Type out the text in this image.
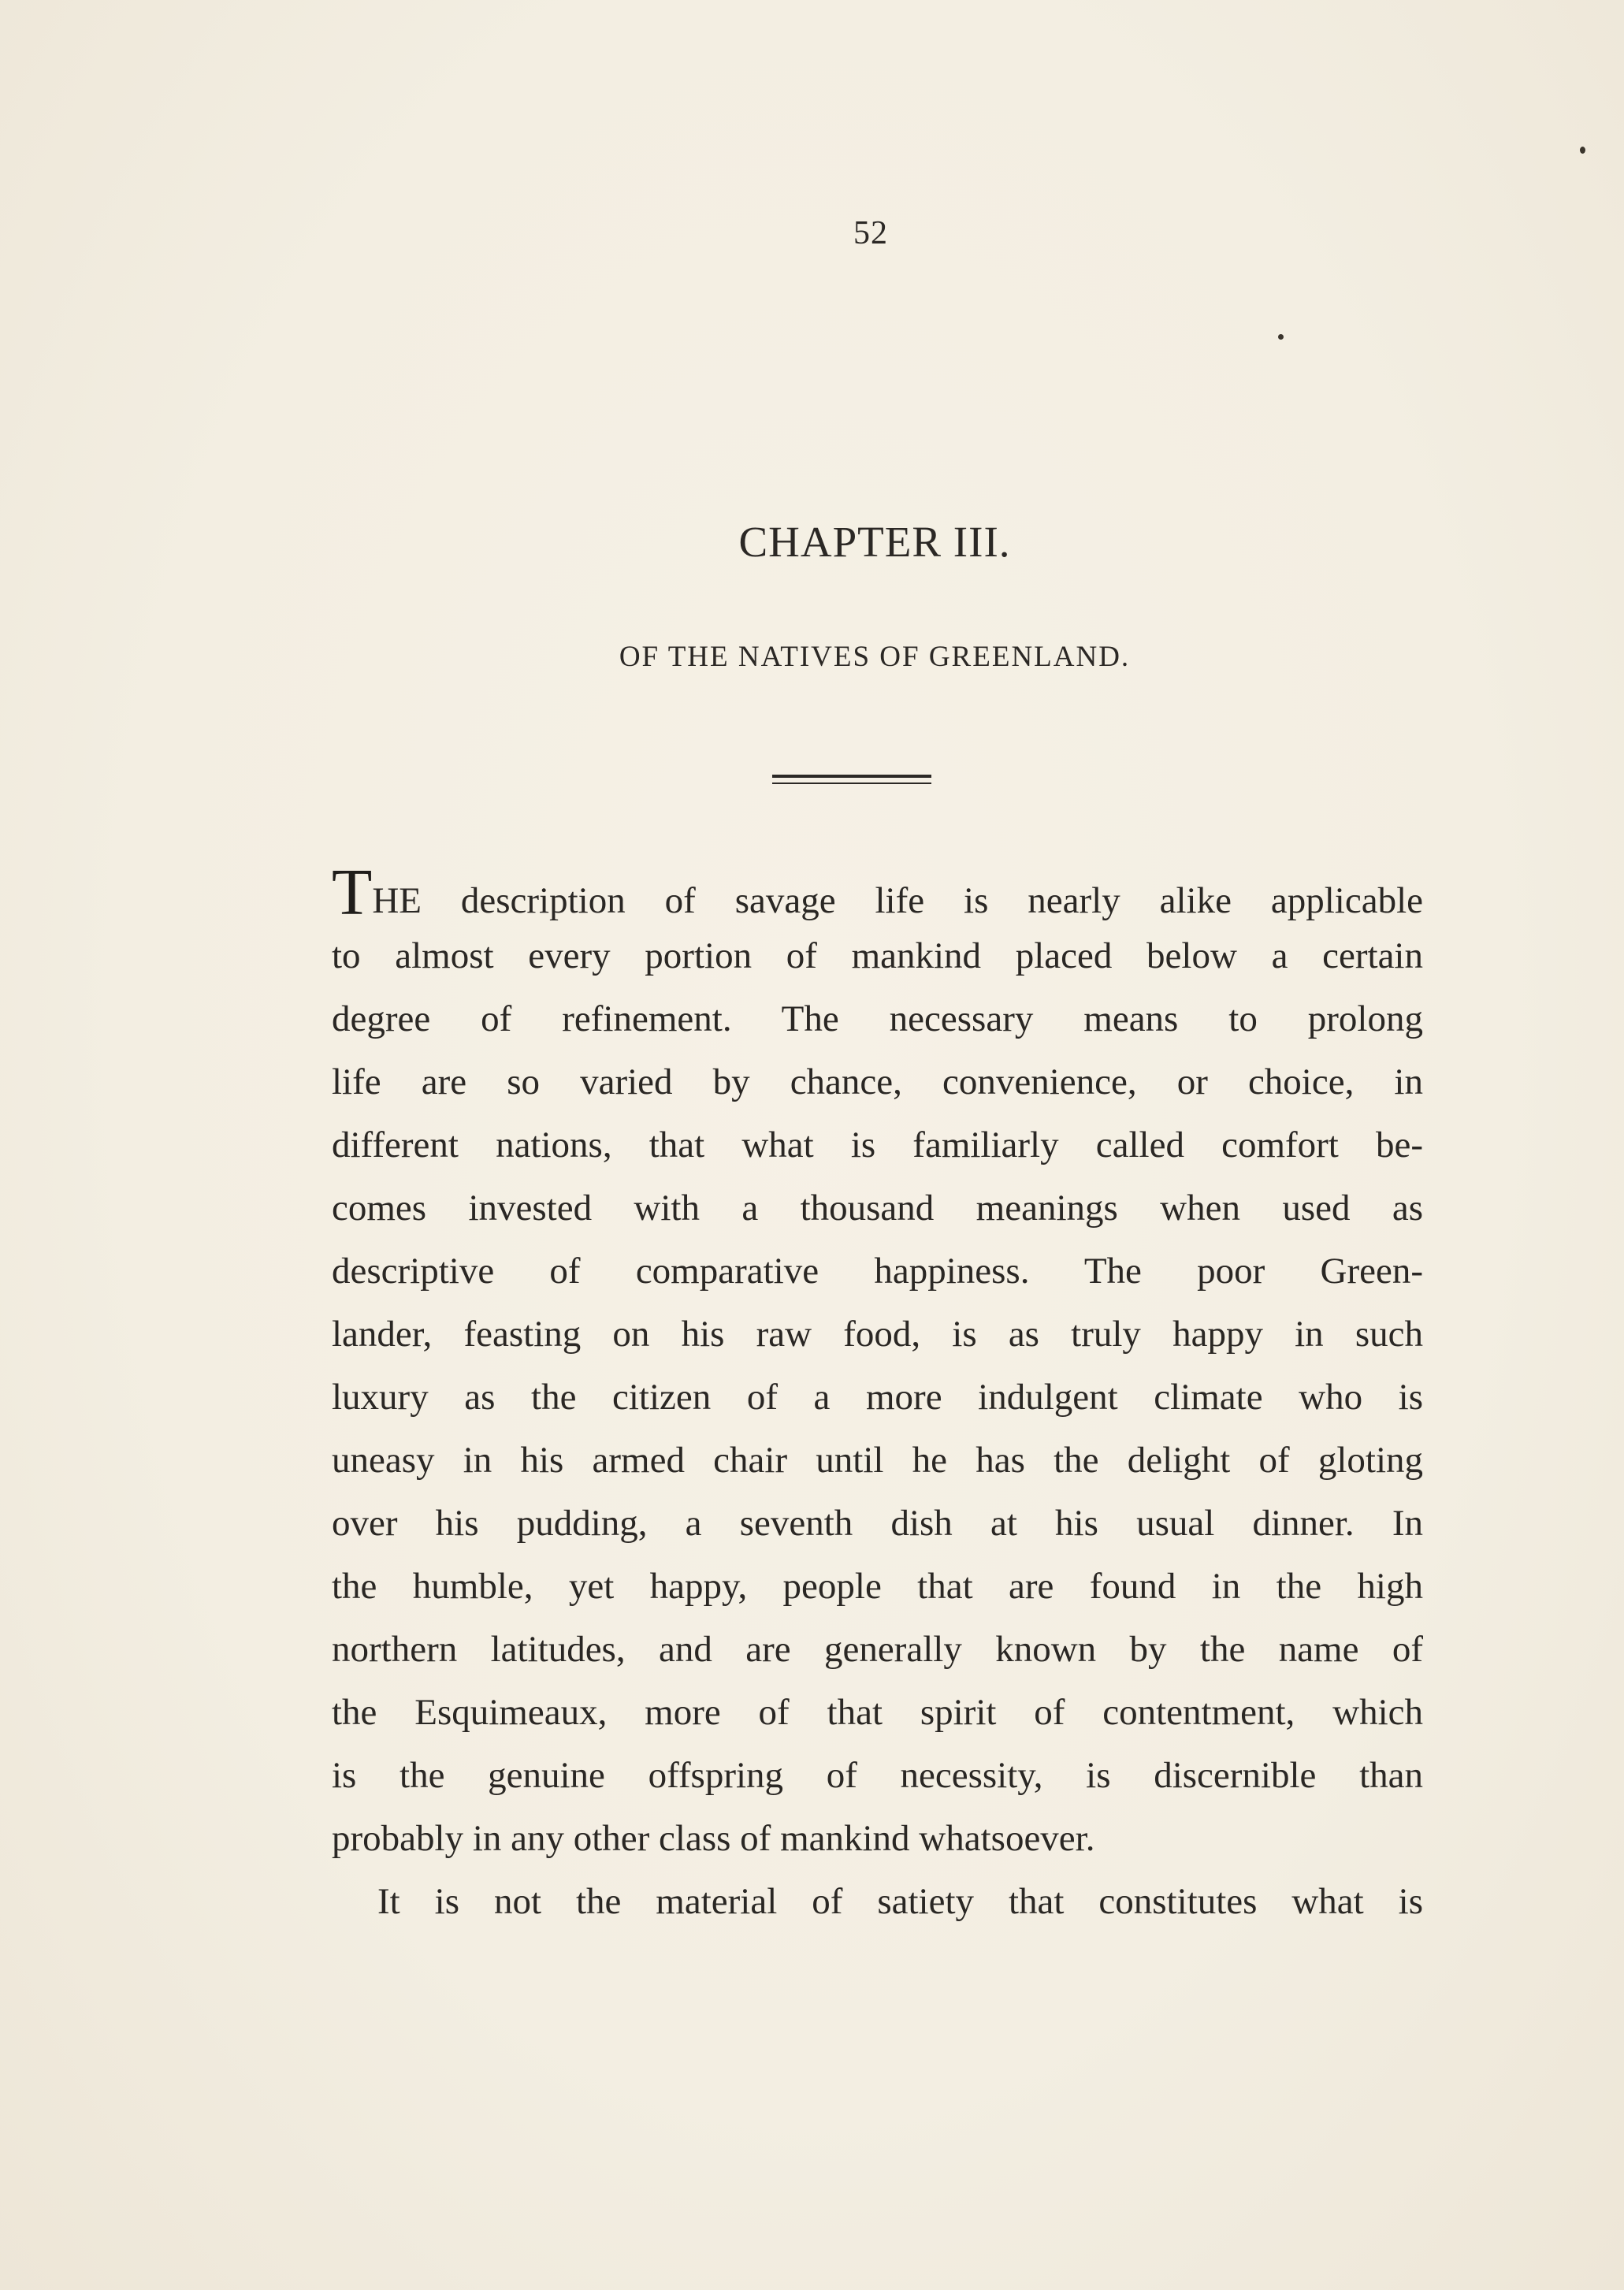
52
CHAPTER III.
OF THE NATIVES OF GREENLAND.
THE description of savage life is nearly alike applicable
to almost every portion of mankind placed below a certain
degree of refinement. The necessary means to prolong
life are so varied by chance, convenience, or choice, in
different nations, that what is familiarly called comfort be-
comes invested with a thousand meanings when used as
descriptive of comparative happiness. The poor Green-
lander, feasting on his raw food, is as truly happy in such
luxury as the citizen of a more indulgent climate who is
uneasy in his armed chair until he has the delight of gloting
over his pudding, a seventh dish at his usual dinner. In
the humble, yet happy, people that are found in the high
northern latitudes, and are generally known by the name of
the Esquimeaux, more of that spirit of contentment, which
is the genuine offspring of necessity, is discernible than
probably in any other class of mankind whatsoever.
It is not the material of satiety that constitutes what is
